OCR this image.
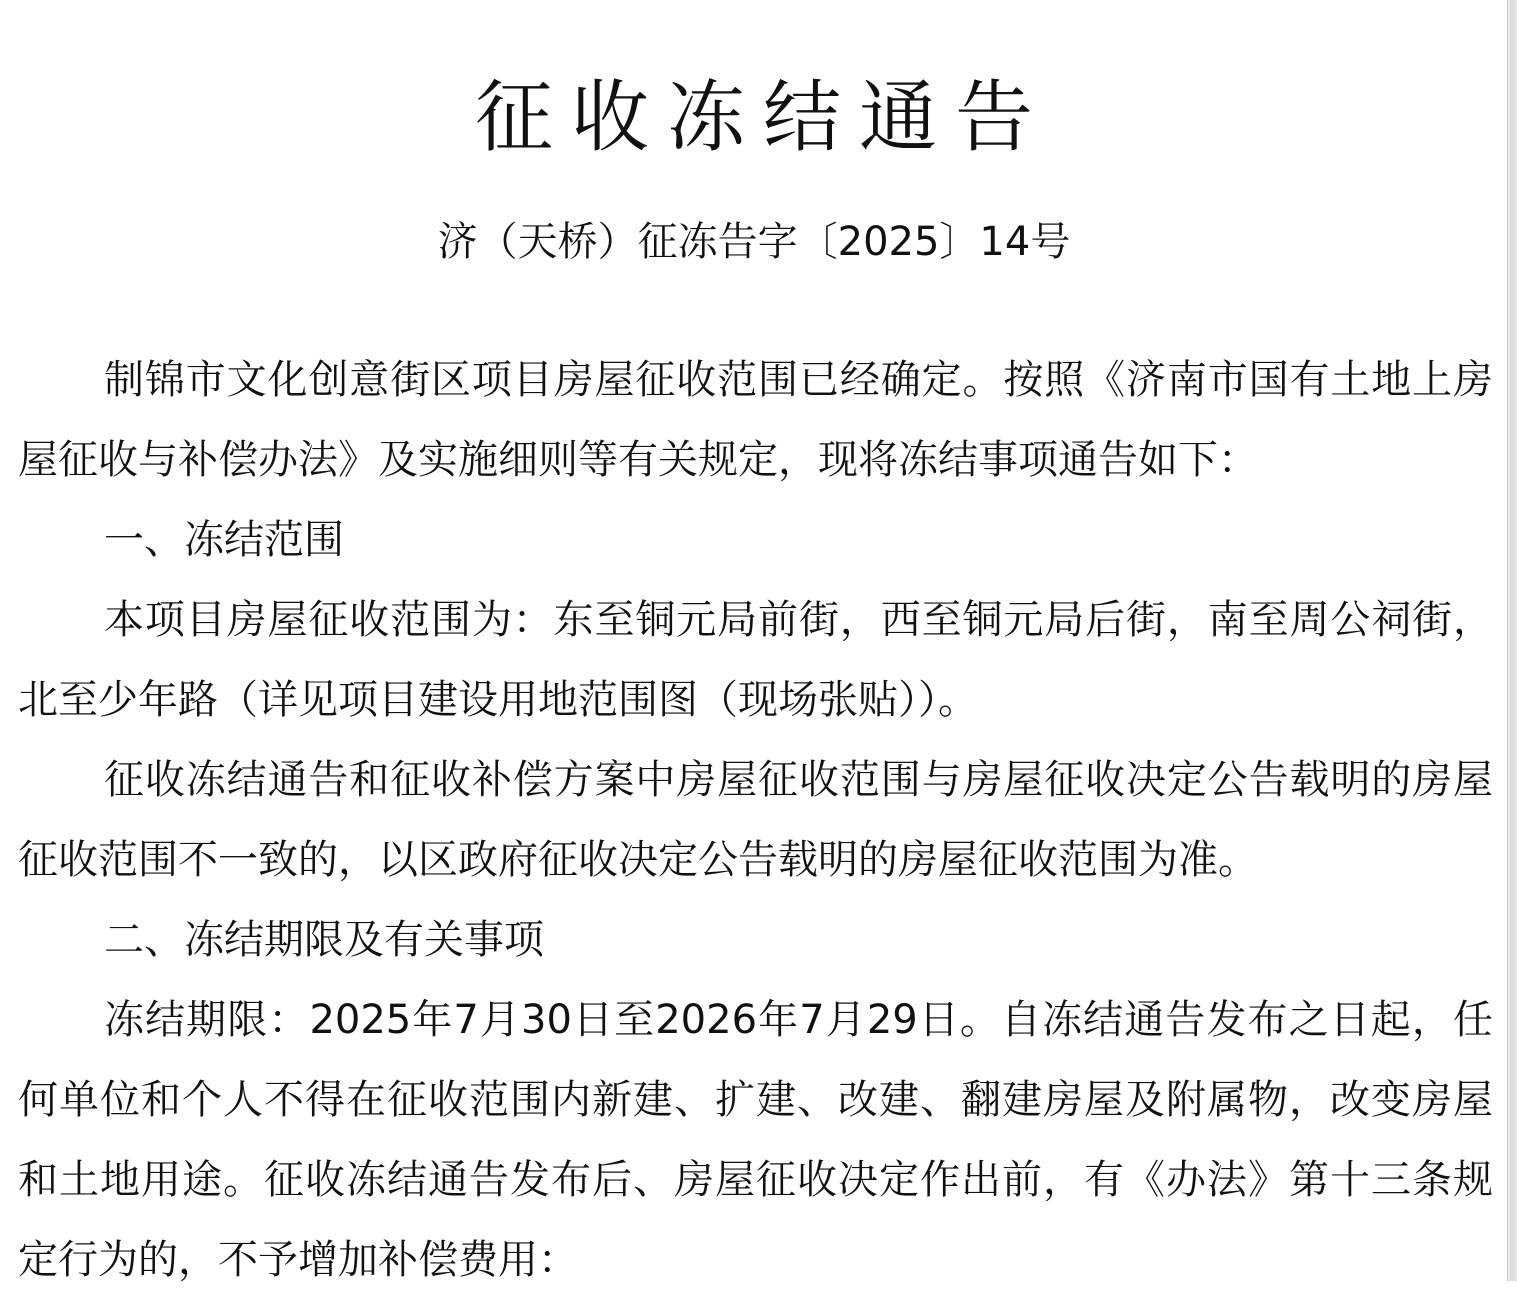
征收冻结通告
济（天桥）征冻告字〔2025〕14号

制锦市文化创意街区项目房屋征收范围已经确定。按照《济南市国有土地上房屋征收与补偿办法》及实施细则等有关规定，现将冻结事项通告如下：

一、冻结范围

本项目房屋征收范围为：东至铜元局前街，西至铜元局后街，南至周公祠街，北至少年路（详见项目建设用地范围图（现场张贴））。

征收冻结通告和征收补偿方案中房屋征收范围与房屋征收决定公告载明的房屋征收范围不一致的，以区政府征收决定公告载明的房屋征收范围为准。

二、冻结期限及有关事项

冻结期限：2025年7月30日至2026年7月29日。自冻结通告发布之日起，任何单位和个人不得在征收范围内新建、扩建、改建、翻建房屋及附属物，改变房屋和土地用途。征收冻结通告发布后、房屋征收决定作出前，有《办法》第十三条规定行为的，不予增加补偿费用：
